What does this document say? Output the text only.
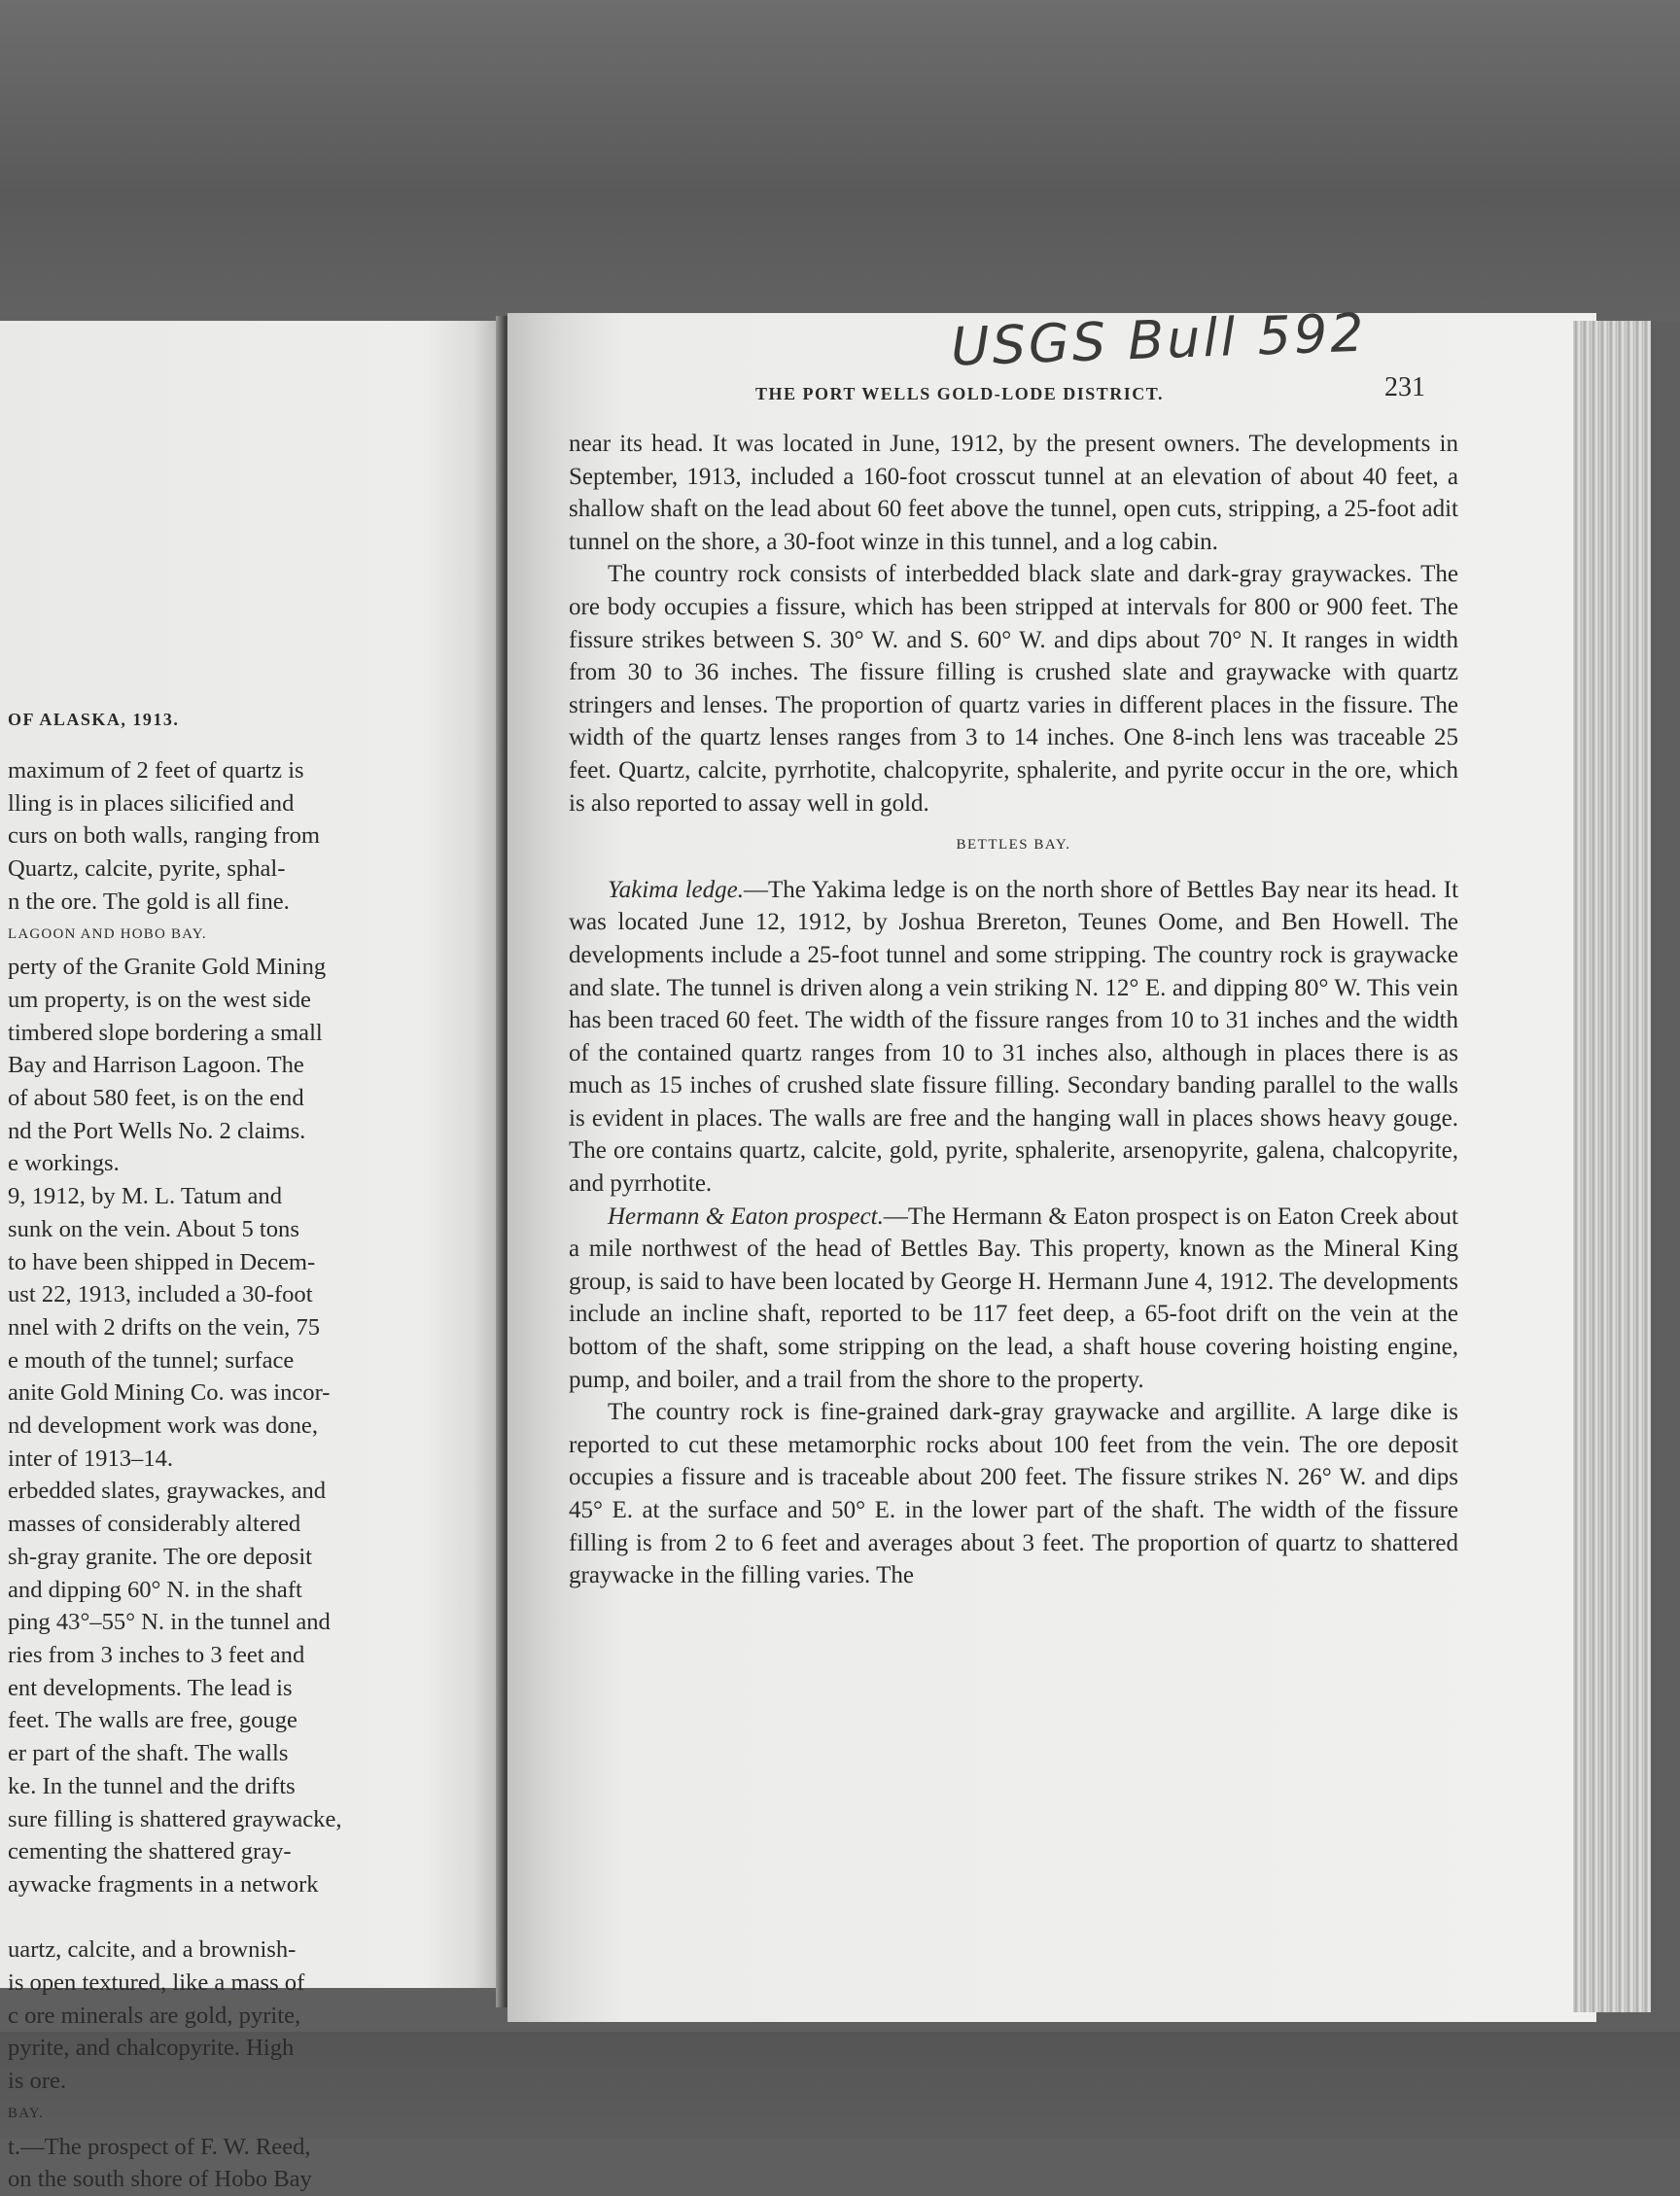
OF ALASKA, 1913.
maximum of 2 feet of quartz is
lling is in places silicified and
curs on both walls, ranging from
Quartz, calcite, pyrite, sphal-
n the ore. The gold is all fine.
LAGOON AND HOBO BAY.
perty of the Granite Gold Mining
um property, is on the west side
timbered slope bordering a small
Bay and Harrison Lagoon. The
of about 580 feet, is on the end
nd the Port Wells No. 2 claims.
e workings.
9, 1912, by M. L. Tatum and
sunk on the vein. About 5 tons
to have been shipped in Decem-
ust 22, 1913, included a 30-foot
nnel with 2 drifts on the vein, 75
e mouth of the tunnel; surface
anite Gold Mining Co. was incor-
nd development work was done,
inter of 1913–14.
erbedded slates, graywackes, and
masses of considerably altered
sh-gray granite. The ore deposit
and dipping 60° N. in the shaft
ping 43°–55° N. in the tunnel and
ries from 3 inches to 3 feet and
ent developments. The lead is
feet. The walls are free, gouge
er part of the shaft. The walls
ke. In the tunnel and the drifts
sure filling is shattered graywacke,
cementing the shattered gray-
aywacke fragments in a network

uartz, calcite, and a brownish-
is open textured, like a mass of
c ore minerals are gold, pyrite,
pyrite, and chalcopyrite. High
is ore.
BAY.
t.—The prospect of F. W. Reed,
on the south shore of Hobo Bay
USGS Bull 592
THE PORT WELLS GOLD-LODE DISTRICT.	231

near its head. It was located in June, 1912, by the present owners. The developments in September, 1913, included a 160-foot crosscut tunnel at an elevation of about 40 feet, a shallow shaft on the lead about 60 feet above the tunnel, open cuts, stripping, a 25-foot adit tunnel on the shore, a 30-foot winze in this tunnel, and a log cabin.

The country rock consists of interbedded black slate and dark-gray graywackes. The ore body occupies a fissure, which has been stripped at intervals for 800 or 900 feet. The fissure strikes between S. 30° W. and S. 60° W. and dips about 70° N. It ranges in width from 30 to 36 inches. The fissure filling is crushed slate and graywacke with quartz stringers and lenses. The proportion of quartz varies in different places in the fissure. The width of the quartz lenses ranges from 3 to 14 inches. One 8-inch lens was traceable 25 feet. Quartz, calcite, pyrrhotite, chalcopyrite, sphalerite, and pyrite occur in the ore, which is also reported to assay well in gold.

BETTLES BAY.

Yakima ledge.—The Yakima ledge is on the north shore of Bettles Bay near its head. It was located June 12, 1912, by Joshua Brereton, Teunes Oome, and Ben Howell. The developments include a 25-foot tunnel and some stripping. The country rock is graywacke and slate. The tunnel is driven along a vein striking N. 12° E. and dipping 80° W. This vein has been traced 60 feet. The width of the fissure ranges from 10 to 31 inches and the width of the contained quartz ranges from 10 to 31 inches also, although in places there is as much as 15 inches of crushed slate fissure filling. Secondary banding parallel to the walls is evident in places. The walls are free and the hanging wall in places shows heavy gouge. The ore contains quartz, calcite, gold, pyrite, sphalerite, arsenopyrite, galena, chalcopyrite, and pyrrhotite.

Hermann & Eaton prospect.—The Hermann & Eaton prospect is on Eaton Creek about a mile northwest of the head of Bettles Bay. This property, known as the Mineral King group, is said to have been located by George H. Hermann June 4, 1912. The developments include an incline shaft, reported to be 117 feet deep, a 65-foot drift on the vein at the bottom of the shaft, some stripping on the lead, a shaft house covering hoisting engine, pump, and boiler, and a trail from the shore to the property.

The country rock is fine-grained dark-gray graywacke and argillite. A large dike is reported to cut these metamorphic rocks about 100 feet from the vein. The ore deposit occupies a fissure and is traceable about 200 feet. The fissure strikes N. 26° W. and dips 45° E. at the surface and 50° E. in the lower part of the shaft. The width of the fissure filling is from 2 to 6 feet and averages about 3 feet. The proportion of quartz to shattered graywacke in the filling varies. The
